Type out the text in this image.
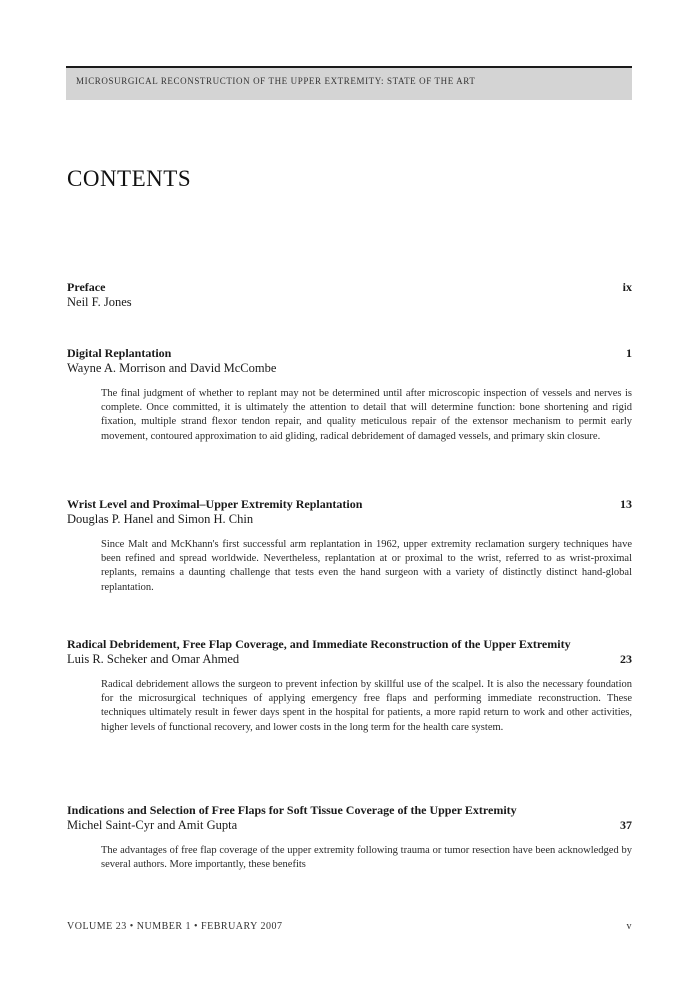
MICROSURGICAL RECONSTRUCTION OF THE UPPER EXTREMITY: STATE OF THE ART
CONTENTS
ix
Preface
Neil F. Jones
1
Digital Replantation
Wayne A. Morrison and David McCombe
The final judgment of whether to replant may not be determined until after microscopic inspection of vessels and nerves is complete. Once committed, it is ultimately the attention to detail that will determine function: bone shortening and rigid fixation, multiple strand flexor tendon repair, and quality meticulous repair of the extensor mechanism to permit early movement, contoured approximation to aid gliding, radical debridement of damaged vessels, and primary skin closure.
13
Wrist Level and Proximal–Upper Extremity Replantation
Douglas P. Hanel and Simon H. Chin
Since Malt and McKhann's first successful arm replantation in 1962, upper extremity reclamation surgery techniques have been refined and spread worldwide. Nevertheless, replantation at or proximal to the wrist, referred to as wrist-proximal replants, remains a daunting challenge that tests even the hand surgeon with a variety of distinctly distinct hand-global replantation.
23
Radical Debridement, Free Flap Coverage, and Immediate Reconstruction of the Upper Extremity
Luis R. Scheker and Omar Ahmed
Radical debridement allows the surgeon to prevent infection by skillful use of the scalpel. It is also the necessary foundation for the microsurgical techniques of applying emergency free flaps and performing immediate reconstruction. These techniques ultimately result in fewer days spent in the hospital for patients, a more rapid return to work and other activities, higher levels of functional recovery, and lower costs in the long term for the health care system.
37
Indications and Selection of Free Flaps for Soft Tissue Coverage of the Upper Extremity
Michel Saint-Cyr and Amit Gupta
The advantages of free flap coverage of the upper extremity following trauma or tumor resection have been acknowledged by several authors. More importantly, these benefits
VOLUME 23 • NUMBER 1 • FEBRUARY 2007	v
